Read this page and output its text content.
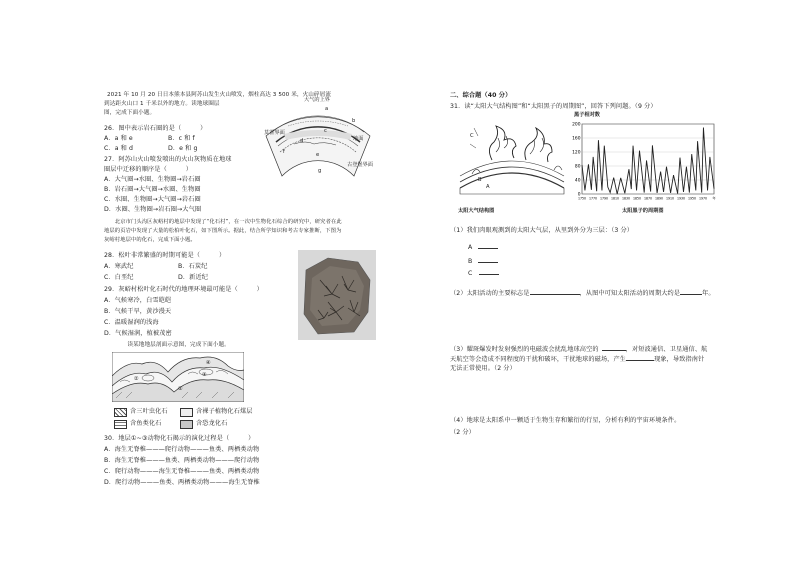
2021 年 10 月 20 日日本熊本县阿苏山发生火山喷发，烟柱高达 3 500 米，火山碎屑流
到达距火山口 1 千米以外的地方。读地球圈层
图，完成下面小题。
大气的上界
a
b
c
d
f	e
g
地面
莫霍界面
古登堡界面
26．图中表示岩石圈的是（　　　）
A．a 和 e	B．c 和 f
C．a 和 d	D．e 和 g
27．阿苏山火山喷发喷出的火山灰物质在地球
圈层中迁移的顺序是（　　　）
A．大气圈→水圈、生物圈→岩石圈
B．岩石圈→大气圈→水圈、生物圈
C．水圈、生物圈→大气圈→岩石圈
D．水圈、生物圈→岩石圈→大气圈
　　北京市门头沟区灰峪村的地层中发现了“化石村”，在一次中生物化石综合的研究中，研究者在此
地层的页岩中发现了大量的松柏叶化石，如下图所示。据此，结合所学知识和考古专家推断，下图为
灰峪村地层中的化石，完成下面小题。
28．松叶非常繁盛的时期可能是（　　　）
A．寒武纪	B．石炭纪
C．白垩纪	D．新近纪
29．灰峪村松叶化石时代的地理环境最可能是（　　　）
A．气候寒冷，白雪皑皑
B．气候干旱，黄沙漫天
C．温暖湿润的浅海
D．气候湿润，植被茂密
　　读某地地层剖面示意图，完成下面小题。
①
②
③
④
含三叶虫化石	含裸子植物化石煤层
含鱼类化石	含恐龙化石
30．地层①~③动物化石揭示的演化过程是（　　　）
A．海生无脊椎———爬行动物———鱼类、两栖类动物
B．海生无脊椎———鱼类、两栖类动物———爬行动物
C．爬行动物———海生无脊椎———鱼类、两栖类动物
D．爬行动物———鱼类、两栖类动物———海生无脊椎
二、综合题（40 分）
31．读“太阳大气结构图”和“太阳黑子的周期图”，回答下列问题。（9 分）
C
B
A
太阳大气结构图
0
40
80
120
160
200
1750 1770 1790 1810 1830 1850 1870 1890 1910 1930 1950 1970 年
黑子相对数
太阳黑子的周期图
（1）我们肉眼观测到的太阳大气层，从里到外分为三层：（3 分）
A
B
C
（2）太阳活动的主要标志是	，从图中可知太阳活动的周期大约是	年。
（3）耀斑爆发时发射强烈的电磁波会扰乱地球高空的	，对短波通信、卫星通信、航
天航空等会造成不同程度的干扰和破坏，干扰地球的磁场，产生	现象，导致指南针
无法正常使用。（2 分）
（4）地球是太阳系中一颗适于生物生存和繁衍的行星，分析有利的宇宙环境条件。
（2 分）
